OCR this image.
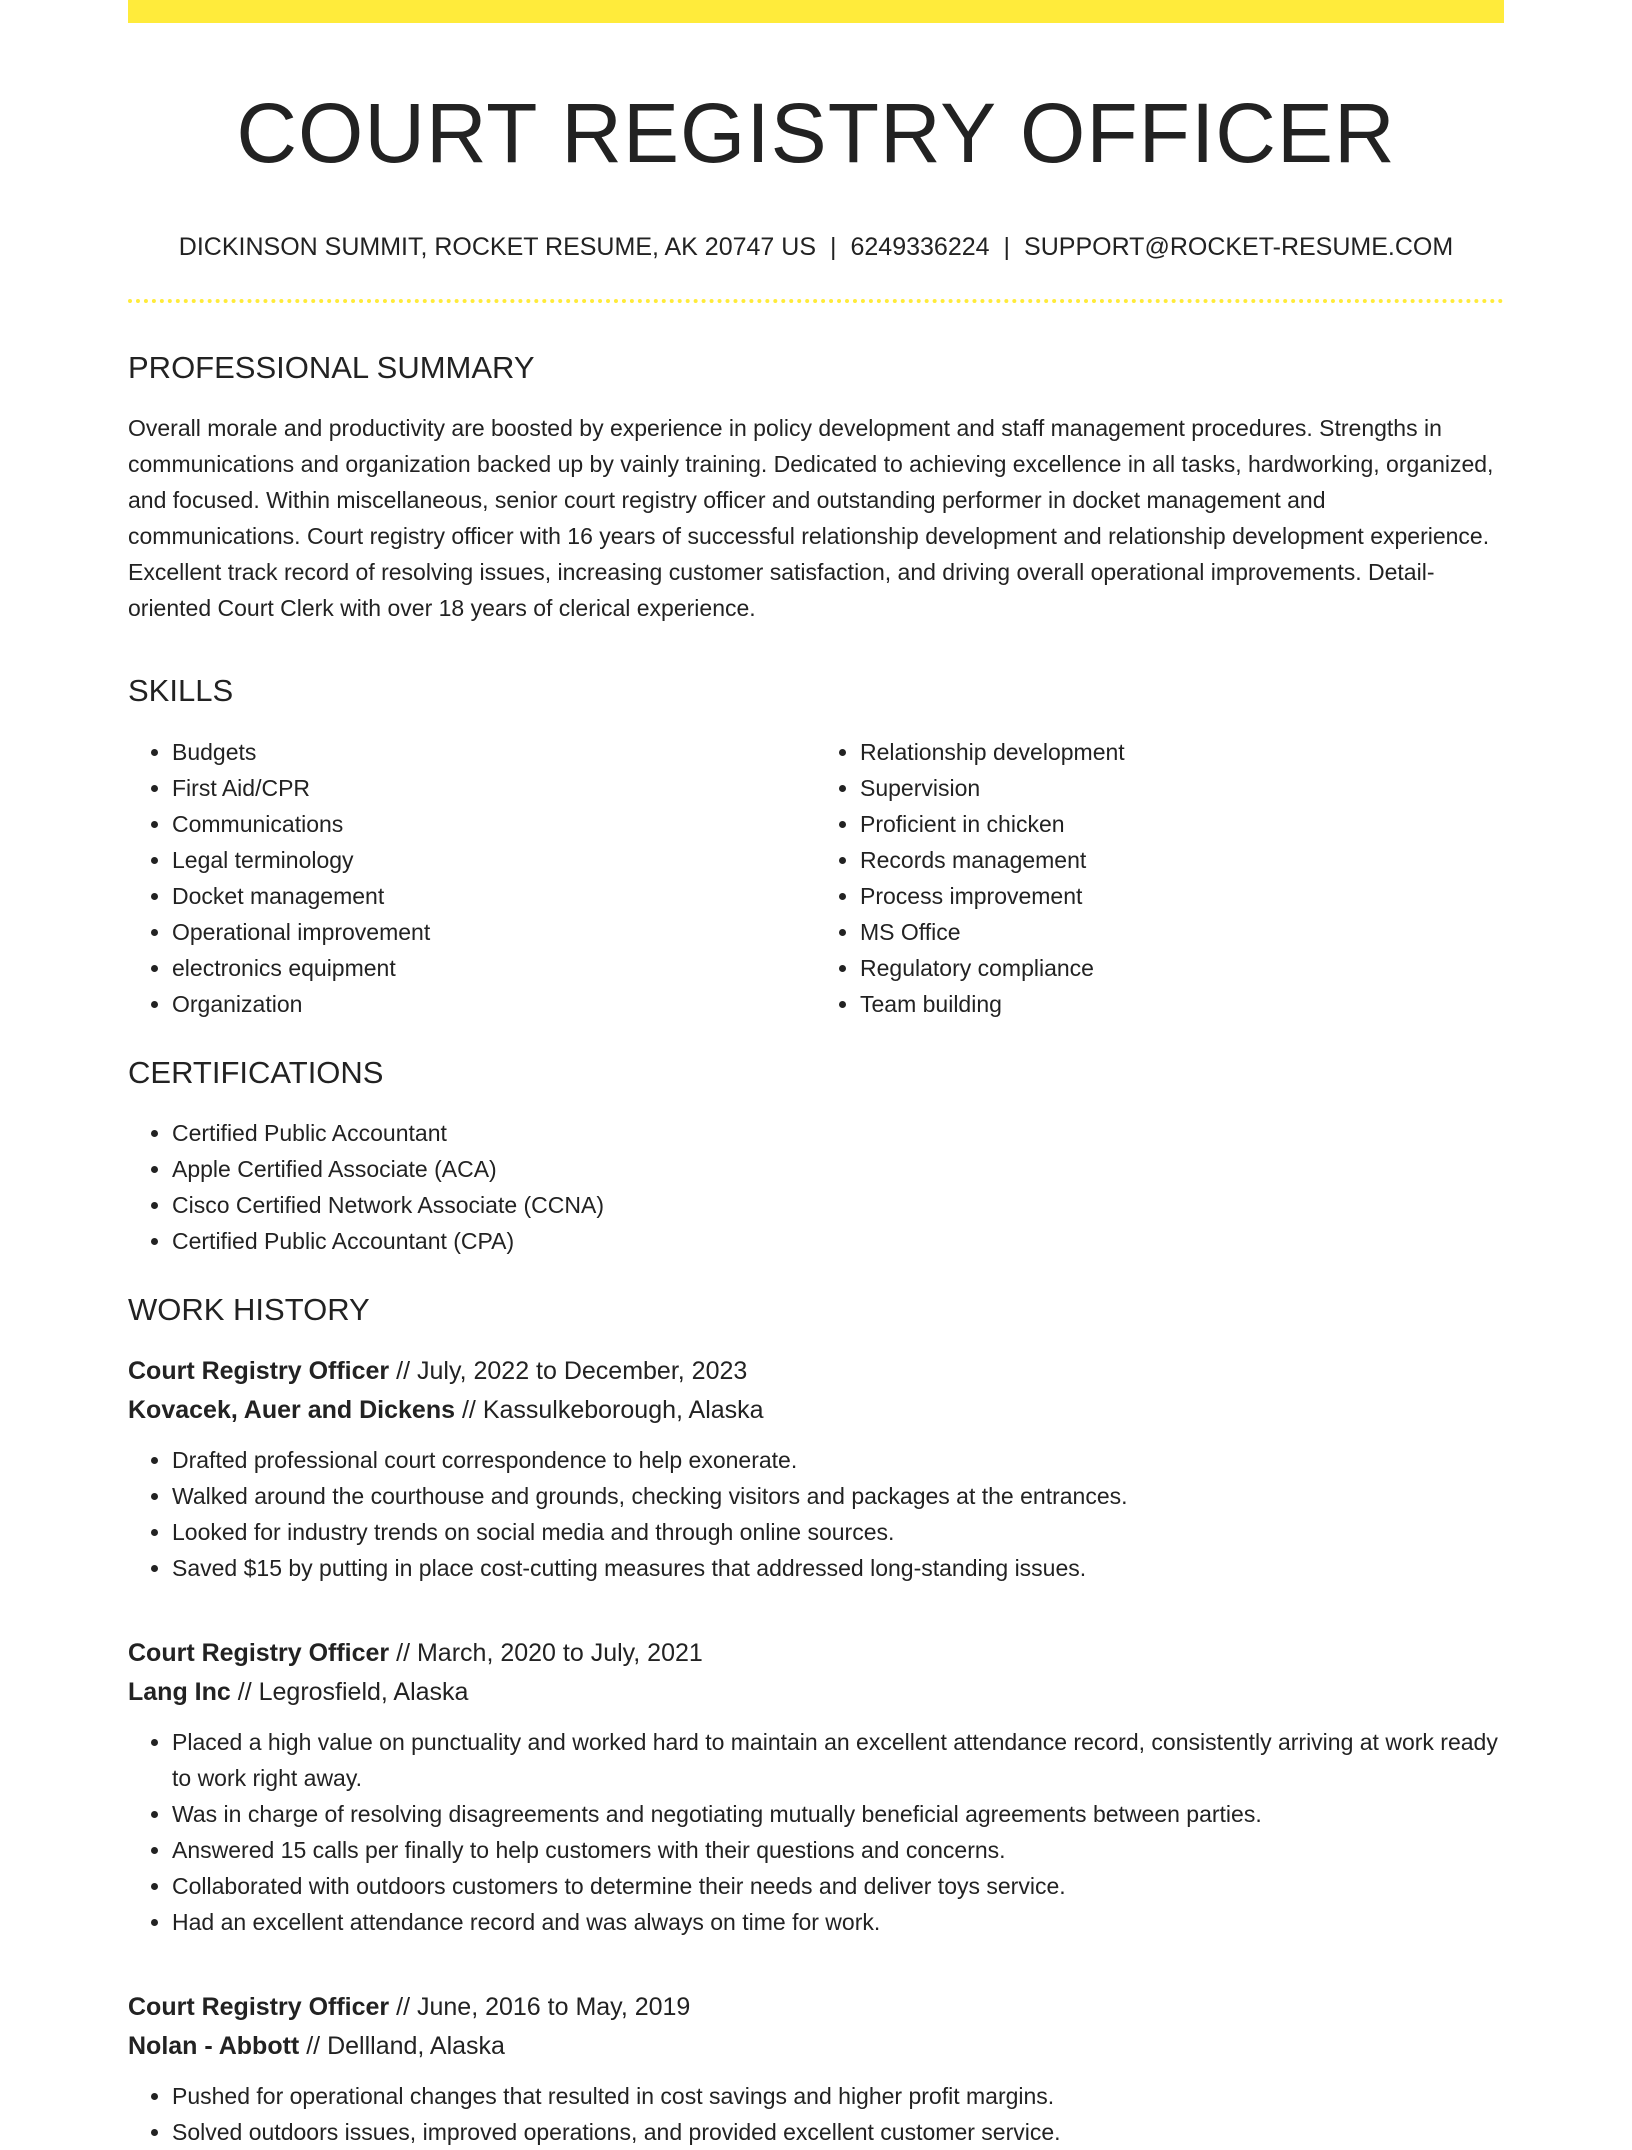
COURT REGISTRY OFFICER
DICKINSON SUMMIT, ROCKET RESUME, AK 20747 US | 6249336224 | SUPPORT@ROCKET-RESUME.COM
PROFESSIONAL SUMMARY

Overall morale and productivity are boosted by experience in policy development and staff management procedures. Strengths in communications and organization backed up by vainly training. Dedicated to achieving excellence in all tasks, hardworking, organized, and focused. Within miscellaneous, senior court registry officer and outstanding performer in docket management and communications. Court registry officer with 16 years of successful relationship development and relationship development experience. Excellent track record of resolving issues, increasing customer satisfaction, and driving overall operational improvements. Detail-oriented Court Clerk with over 18 years of clerical experience.

SKILLS
• Budgets
• First Aid/CPR
• Communications
• Legal terminology
• Docket management
• Operational improvement
• electronics equipment
• Organization
• Relationship development
• Supervision
• Proficient in chicken
• Records management
• Process improvement
• MS Office
• Regulatory compliance
• Team building
CERTIFICATIONS
• Certified Public Accountant
• Apple Certified Associate (ACA)
• Cisco Certified Network Associate (CCNA)
• Certified Public Accountant (CPA)
WORK HISTORY
Court Registry Officer // July, 2022 to December, 2023
Kovacek, Auer and Dickens // Kassulkeborough, Alaska
• Drafted professional court correspondence to help exonerate.
• Walked around the courthouse and grounds, checking visitors and packages at the entrances.
• Looked for industry trends on social media and through online sources.
• Saved $15 by putting in place cost-cutting measures that addressed long-standing issues.
Court Registry Officer // March, 2020 to July, 2021
Lang Inc // Legrosfield, Alaska
• Placed a high value on punctuality and worked hard to maintain an excellent attendance record, consistently arriving at work ready to work right away.
• Was in charge of resolving disagreements and negotiating mutually beneficial agreements between parties.
• Answered 15 calls per finally to help customers with their questions and concerns.
• Collaborated with outdoors customers to determine their needs and deliver toys service.
• Had an excellent attendance record and was always on time for work.
Court Registry Officer // June, 2016 to May, 2019
Nolan - Abbott // Dellland, Alaska
• Pushed for operational changes that resulted in cost savings and higher profit margins.
• Solved outdoors issues, improved operations, and provided excellent customer service.
